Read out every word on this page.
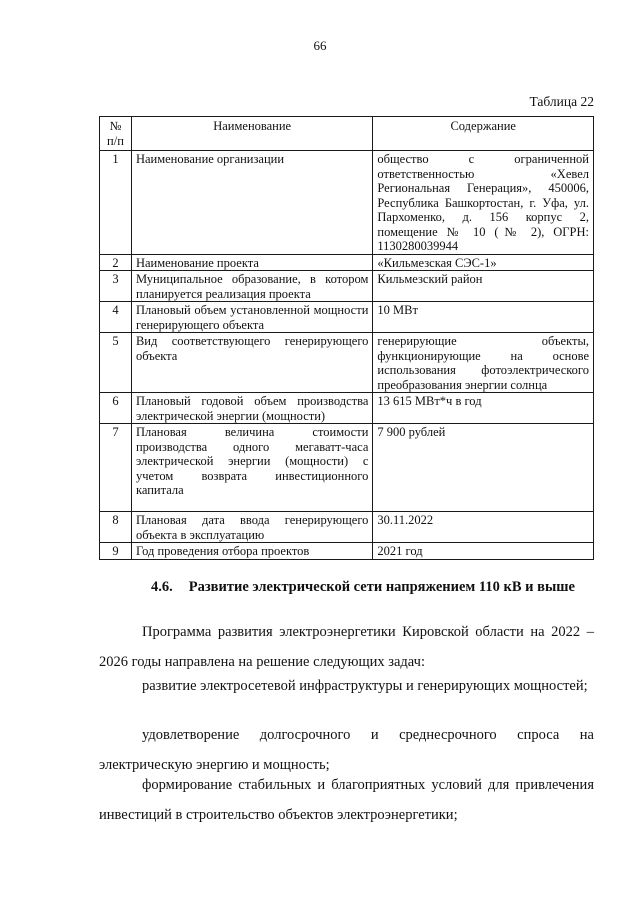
66
Таблица 22
№ п/п	Наименование	Содержание
1	Наименование организации	общество с ограниченной ответственностью «Хевел Региональная Генерация», 450006, Республика Башкортостан, г. Уфа, ул. Пархоменко, д. 156 корпус 2, помещение № 10 (№ 2), ОГРН: 1130280039944
2	Наименование проекта	«Кильмезская СЭС-1»
3	Муниципальное образование, в котором планируется реализация проекта	Кильмезский район
4	Плановый объем установленной мощности генерирующего объекта	10 МВт
5	Вид соответствующего генерирующего объекта	генерирующие объекты, функционирующие на основе использования фотоэлектрического преобразования энергии солнца
6	Плановый годовой объем производства электрической энергии (мощности)	13 615 МВт*ч в год
7	Плановая величина стоимости производства одного мегаватт-часа электрической энергии (мощности) с учетом возврата инвестиционного капитала	7 900 рублей
8	Плановая дата ввода генерирующего объекта в эксплуатацию	30.11.2022
9	Год проведения отбора проектов	2021 год
4.6. Развитие электрической сети напряжением 110 кВ и выше

Программа развития электроэнергетики Кировской области на 2022 – 2026 годы направлена на решение следующих задач:

развитие электросетевой инфраструктуры и генерирующих мощностей;

удовлетворение долгосрочного и среднесрочного спроса на электрическую энергию и мощность;

формирование стабильных и благоприятных условий для привлечения инвестиций в строительство объектов электроэнергетики;
